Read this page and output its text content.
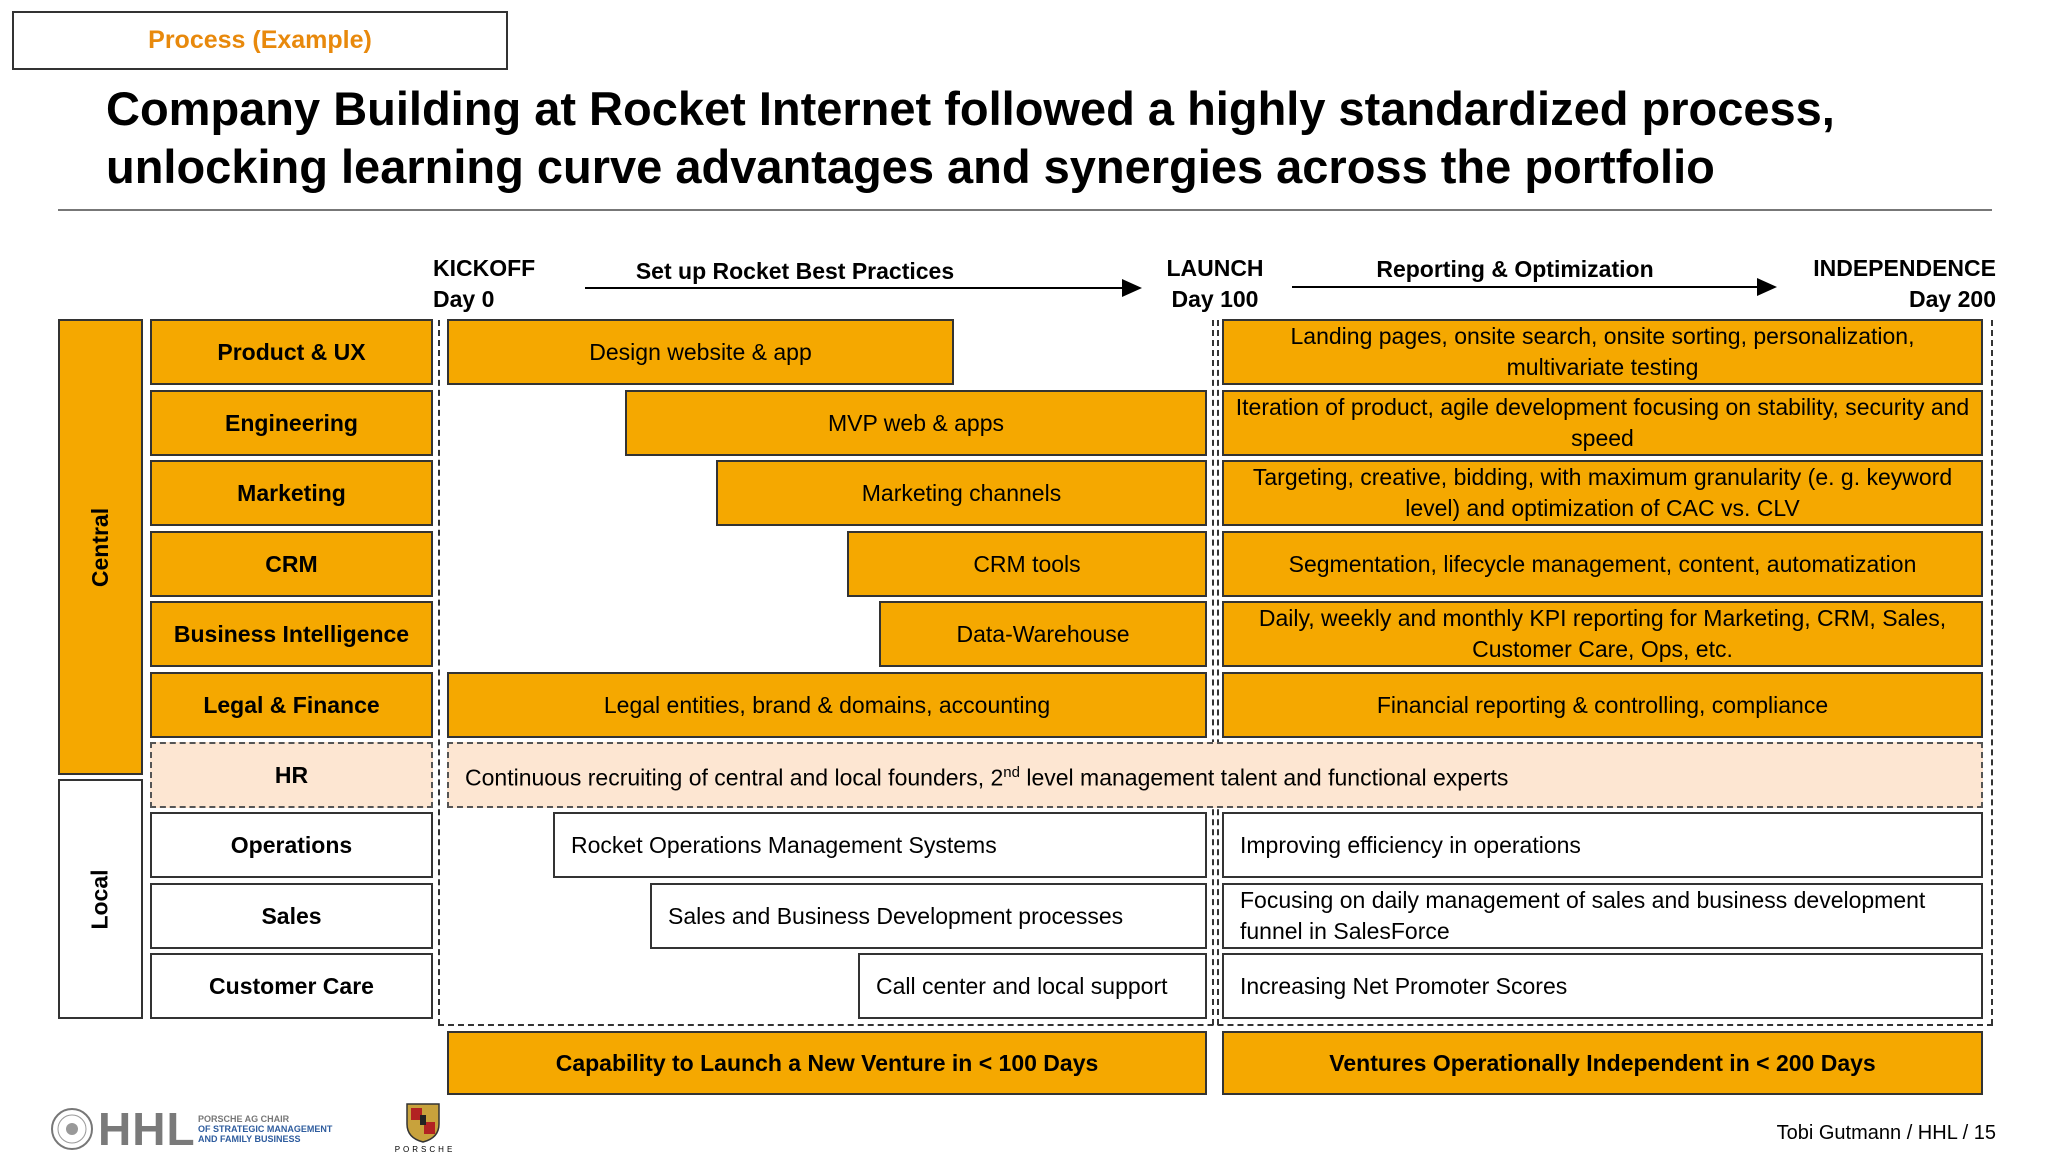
Process (Example)
Company Building at Rocket Internet followed a highly standardized process,
unlocking learning curve advantages and synergies across the portfolio
KICKOFF
Day 0
LAUNCH
Day 100
INDEPENDENCE
Day 200
Set up Rocket Best Practices	Reporting & Optimization
Central
Local
Product & UX
Engineering
Marketing
CRM
Business Intelligence
Legal & Finance
HR
Operations
Sales
Customer Care
Design website & app
MVP web & apps
Marketing channels
CRM tools
Data-Warehouse
Legal entities, brand & domains, accounting
Continuous recruiting of central and local founders, 2nd level management talent and functional experts
Rocket Operations Management Systems
Sales and Business Development processes
Call center and local support
Landing pages, onsite search, onsite sorting, personalization, multivariate testing
Iteration of product, agile development focusing on stability, security and speed
Targeting, creative, bidding, with maximum granularity (e. g. keyword level) and optimization of CAC vs. CLV
Segmentation, lifecycle management, content, automatization
Daily, weekly and monthly KPI reporting for Marketing, CRM, Sales, Customer Care, Ops, etc.
Financial reporting & controlling, compliance
Improving efficiency in operations
Focusing on daily management of sales and business development funnel in SalesForce
Increasing Net Promoter Scores
Capability to Launch a New Venture in < 100 Days	Ventures Operationally Independent in < 200 Days
HHL PORSCHE AG CHAIR
OF STRATEGIC MANAGEMENT
AND FAMILY BUSINESS
PORSCHE
Tobi Gutmann / HHL / 15
